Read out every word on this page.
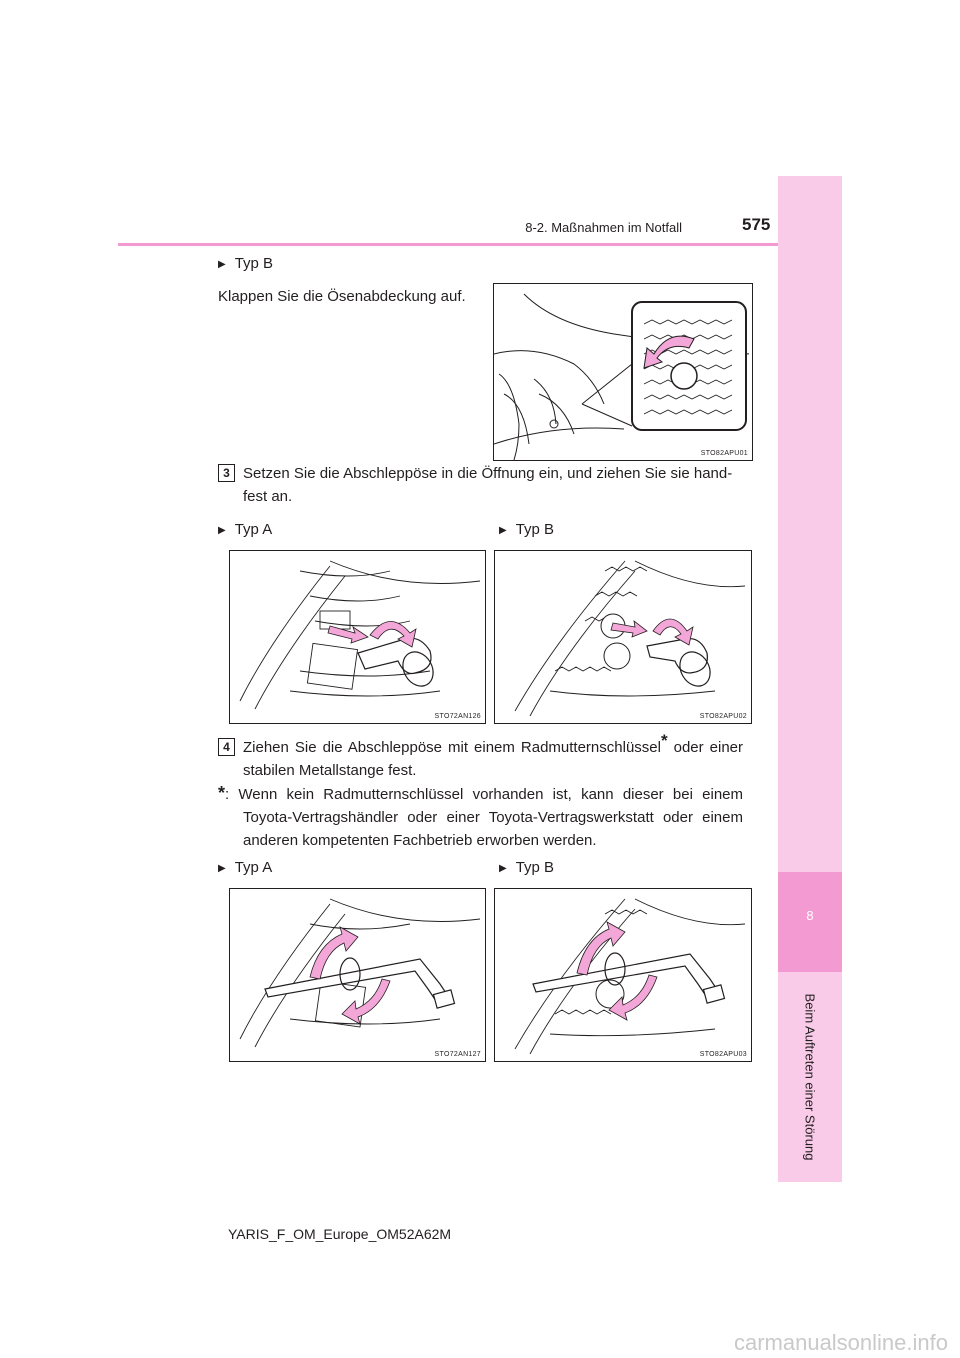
8
Beim Auftreten einer Störung
8-2. Maßnahmen im Notfall	575
▶ Typ B
Klappen Sie die Ösenabdeckung auf.
STO82APU01
3 Setzen Sie die Abschleppöse in die Öffnung ein, und ziehen Sie sie hand-
fest an.
▶ Typ A	▶ Typ B
STO72AN126	STO82APU02
4 Ziehen Sie die Abschleppöse mit einem Radmutternschlüssel* oder einer
stabilen Metallstange fest.
*: Wenn kein Radmutternschlüssel vorhanden ist, kann dieser bei einem
Toyota-Vertragshändler oder einer Toyota-Vertragswerkstatt oder einem
anderen kompetenten Fachbetrieb erworben werden.
▶ Typ A	▶ Typ B
STO72AN127	STO82APU03
YARIS_F_OM_Europe_OM52A62M
carmanualsonline.info
